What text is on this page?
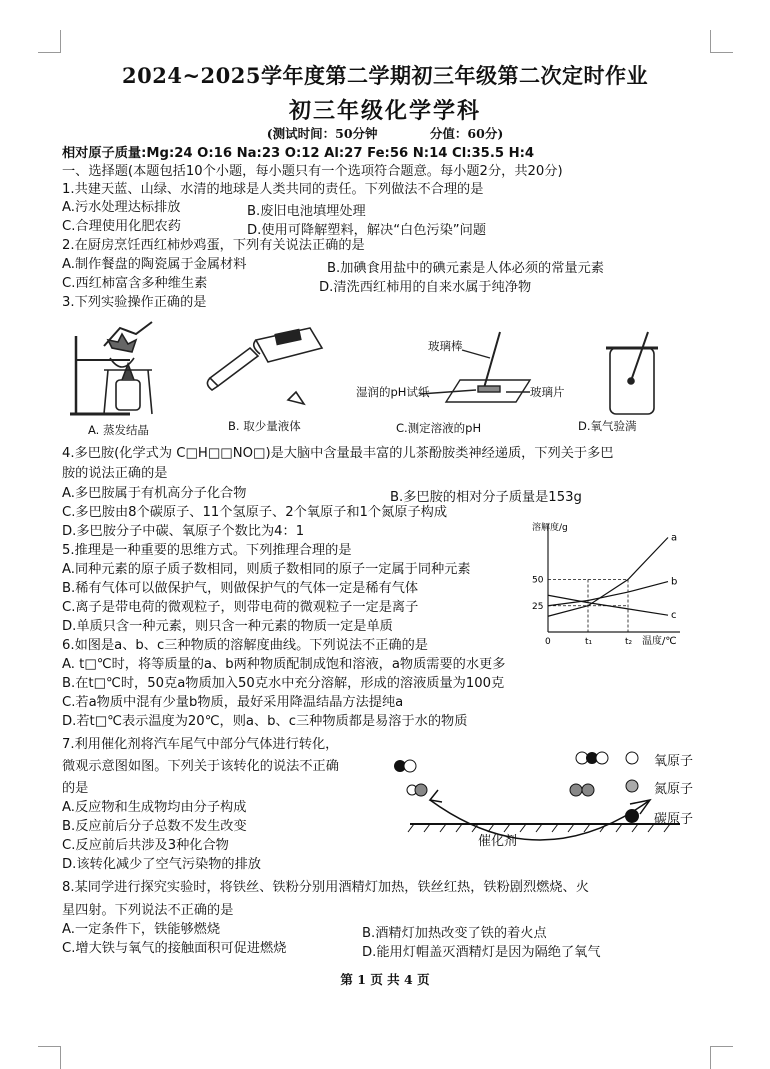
2024~2025学年度第二学期初三年级第二次定时作业
初三年级化学学科
(测试时间：50分钟	分值：60分)
相对原子质量:Mg:24 O:16 Na:23 O:12 Al:27 Fe:56 N:14 Cl:35.5 H:4
一、选择题(本题包括10个小题，每小题只有一个选项符合题意。每小题2分，共20分)
1.共建天蓝、山绿、水清的地球是人类共同的责任。下列做法不合理的是
A.污水处理达标排放	B.废旧电池填埋处理
C.合理使用化肥农药	D.使用可降解塑料，解决“白色污染”问题
2.在厨房烹饪西红柿炒鸡蛋，下列有关说法正确的是
A.制作餐盘的陶瓷属于金属材料	B.加碘食用盐中的碘元素是人体必须的常量元素
C.西红柿富含多种维生素	D.清洗西红柿用的自来水属于纯净物
3.下列实验操作正确的是
玻璃棒
湿润的pH试纸	玻璃片
A. 蒸发结晶	B. 取少量液体	C.测定溶液的pH	D.氧气验满
4.多巴胺(化学式为 C□H□□NO□)是大脑中含量最丰富的儿茶酚胺类神经递质，下列关于多巴
胺的说法正确的是
A.多巴胺属于有机高分子化合物	B.多巴胺的相对分子质量是153g
C.多巴胺由8个碳原子、11个氢原子、2个氧原子和1个氮原子构成
D.多巴胺分子中碳、氧原子个数比为4：1
5.推理是一种重要的思维方式。下列推理合理的是
A.同种元素的原子质子数相同，则质子数相同的原子一定属于同种元素
B.稀有气体可以做保护气，则做保护气的气体一定是稀有气体
C.离子是带电荷的微观粒子，则带电荷的微观粒子一定是离子
D.单质只含一种元素，则只含一种元素的物质一定是单质
溶解度/g
温度/℃
a
b
c
50
25
0	t₁	t₂
6.如图是a、b、c三种物质的溶解度曲线。下列说法不正确的是
A. t□℃时，将等质量的a、b两种物质配制成饱和溶液，a物质需要的水更多
B.在t□℃时，50克a物质加入50克水中充分溶解，形成的溶液质量为100克
C.若a物质中混有少量b物质，最好采用降温结晶方法提纯a
D.若t□℃表示温度为20℃，则a、b、c三种物质都是易溶于水的物质
7.利用催化剂将汽车尾气中部分气体进行转化，
微观示意图如图。下列关于该转化的说法不正确
的是
A.反应物和生成物均由分子构成
B.反应前后分子总数不发生改变
C.反应前后共涉及3种化合物
D.该转化减少了空气污染物的排放
氧原子
氮原子
碳原子
催化剂
8.某同学进行探究实验时，将铁丝、铁粉分别用酒精灯加热，铁丝红热，铁粉剧烈燃烧、火
星四射。下列说法不正确的是
A.一定条件下，铁能够燃烧	B.酒精灯加热改变了铁的着火点
C.增大铁与氧气的接触面积可促进燃烧	D.能用灯帽盖灭酒精灯是因为隔绝了氧气
第 1 页 共 4 页
